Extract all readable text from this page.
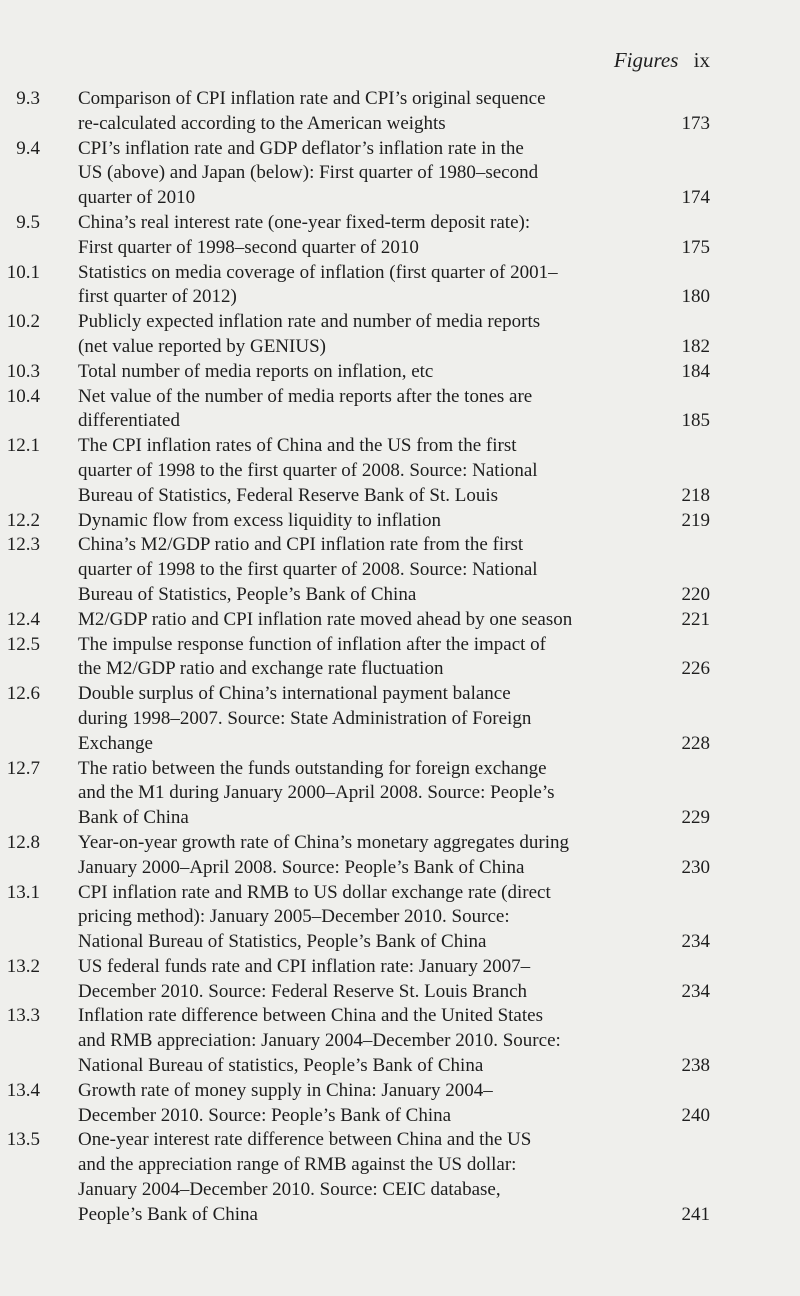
Figures ix
9.3 Comparison of CPI inflation rate and CPI’s original sequence
re-calculated according to the American weights	173
9.4 CPI’s inflation rate and GDP deflator’s inflation rate in the
US (above) and Japan (below): First quarter of 1980–second
quarter of 2010	174
9.5 China’s real interest rate (one-year fixed-term deposit rate):
First quarter of 1998–second quarter of 2010	175
10.1 Statistics on media coverage of inflation (first quarter of 2001–
first quarter of 2012)	180
10.2 Publicly expected inflation rate and number of media reports
(net value reported by GENIUS)	182
10.3 Total number of media reports on inflation, etc	184
10.4 Net value of the number of media reports after the tones are
differentiated	185
12.1 The CPI inflation rates of China and the US from the first
quarter of 1998 to the first quarter of 2008. Source: National
Bureau of Statistics, Federal Reserve Bank of St. Louis	218
12.2 Dynamic flow from excess liquidity to inflation	219
12.3 China’s M2/GDP ratio and CPI inflation rate from the first
quarter of 1998 to the first quarter of 2008. Source: National
Bureau of Statistics, People’s Bank of China	220
12.4 M2/GDP ratio and CPI inflation rate moved ahead by one season	221
12.5 The impulse response function of inflation after the impact of
the M2/GDP ratio and exchange rate fluctuation	226
12.6 Double surplus of China’s international payment balance
during 1998–2007. Source: State Administration of Foreign
Exchange	228
12.7 The ratio between the funds outstanding for foreign exchange
and the M1 during January 2000–April 2008. Source: People’s
Bank of China	229
12.8 Year-on-year growth rate of China’s monetary aggregates during
January 2000–April 2008. Source: People’s Bank of China	230
13.1 CPI inflation rate and RMB to US dollar exchange rate (direct
pricing method): January 2005–December 2010. Source:
National Bureau of Statistics, People’s Bank of China	234
13.2 US federal funds rate and CPI inflation rate: January 2007–
December 2010. Source: Federal Reserve St. Louis Branch	234
13.3 Inflation rate difference between China and the United States
and RMB appreciation: January 2004–December 2010. Source:
National Bureau of statistics, People’s Bank of China	238
13.4 Growth rate of money supply in China: January 2004–
December 2010. Source: People’s Bank of China	240
13.5 One-year interest rate difference between China and the US
and the appreciation range of RMB against the US dollar:
January 2004–December 2010. Source: CEIC database,
People’s Bank of China	241
